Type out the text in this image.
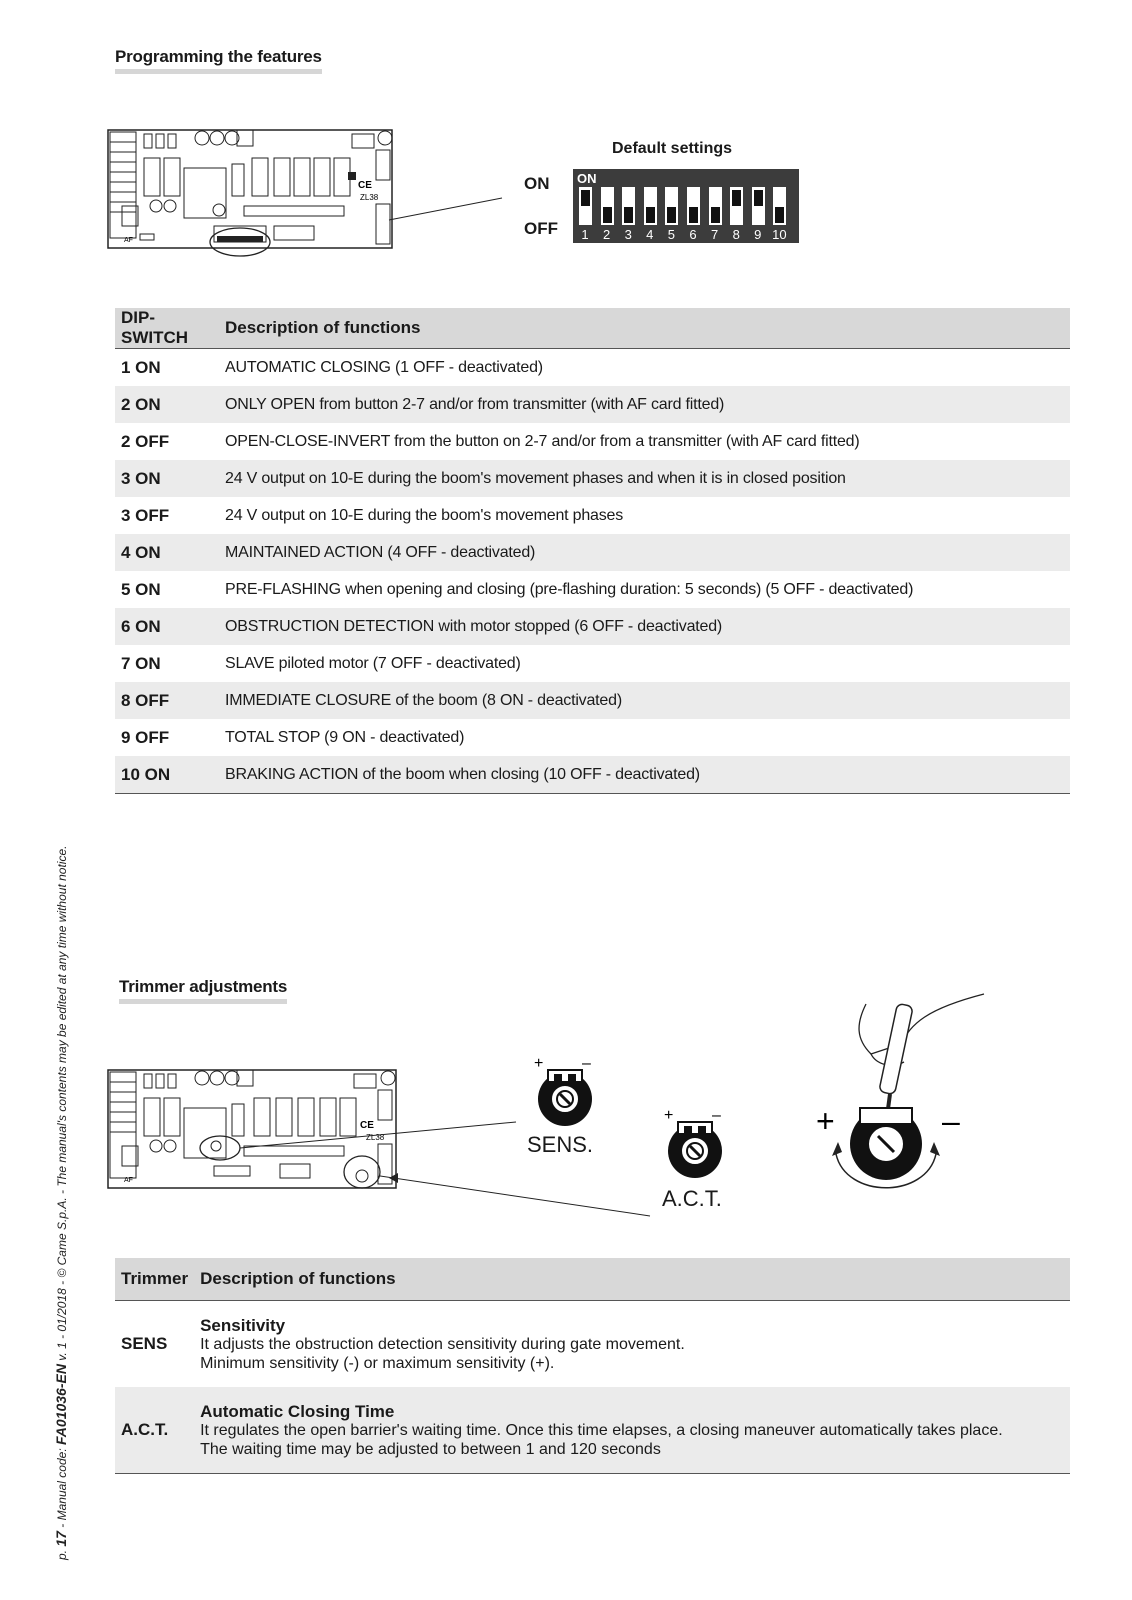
Programming the features
CE
ZL38
AF
Default settings
ON
OFF
ON
1	2	3	4	5	6	7	8	9 10
DIP-SWITCH	Description of functions
1 ON	AUTOMATIC CLOSING (1 OFF - deactivated)
2 ON	ONLY OPEN from button 2-7 and/or from transmitter (with AF card fitted)
2 OFF	OPEN-CLOSE-INVERT from the button on 2-7 and/or from a transmitter (with AF card fitted)
3 ON	24 V output on 10-E during the boom's movement phases and when it is in closed position
3 OFF	24 V output on 10-E during the boom's movement phases
4 ON	MAINTAINED ACTION (4 OFF - deactivated)
5 ON	PRE-FLASHING when opening and closing (pre-flashing duration: 5 seconds) (5 OFF - deactivated)
6 ON	OBSTRUCTION DETECTION with motor stopped (6 OFF - deactivated)
7 ON	SLAVE piloted motor (7 OFF - deactivated)
8 OFF	IMMEDIATE CLOSURE of the boom (8 ON - deactivated)
9 OFF	TOTAL STOP (9 ON - deactivated)
10 ON	BRAKING ACTION of the boom when closing (10 OFF - deactivated)
Trimmer adjustments
CE
ZL38
AF
+ –
SENS.
+ –
A.C.T.
+	–
Trimmer	Description of functions
SENS	Sensitivity
It adjusts the obstruction detection sensitivity during gate movement.
Minimum sensitivity (-) or maximum sensitivity (+).

A.C.T.	Automatic Closing Time
It regulates the open barrier's waiting time. Once this time elapses, a closing maneuver automatically takes place.
The waiting time may be adjusted to between 1 and 120 seconds
p. 17 - Manual code: FA01036-EN v. 1 - 01/2018 - © Came S.p.A. - The manual's contents may be edited at any time without notice.
